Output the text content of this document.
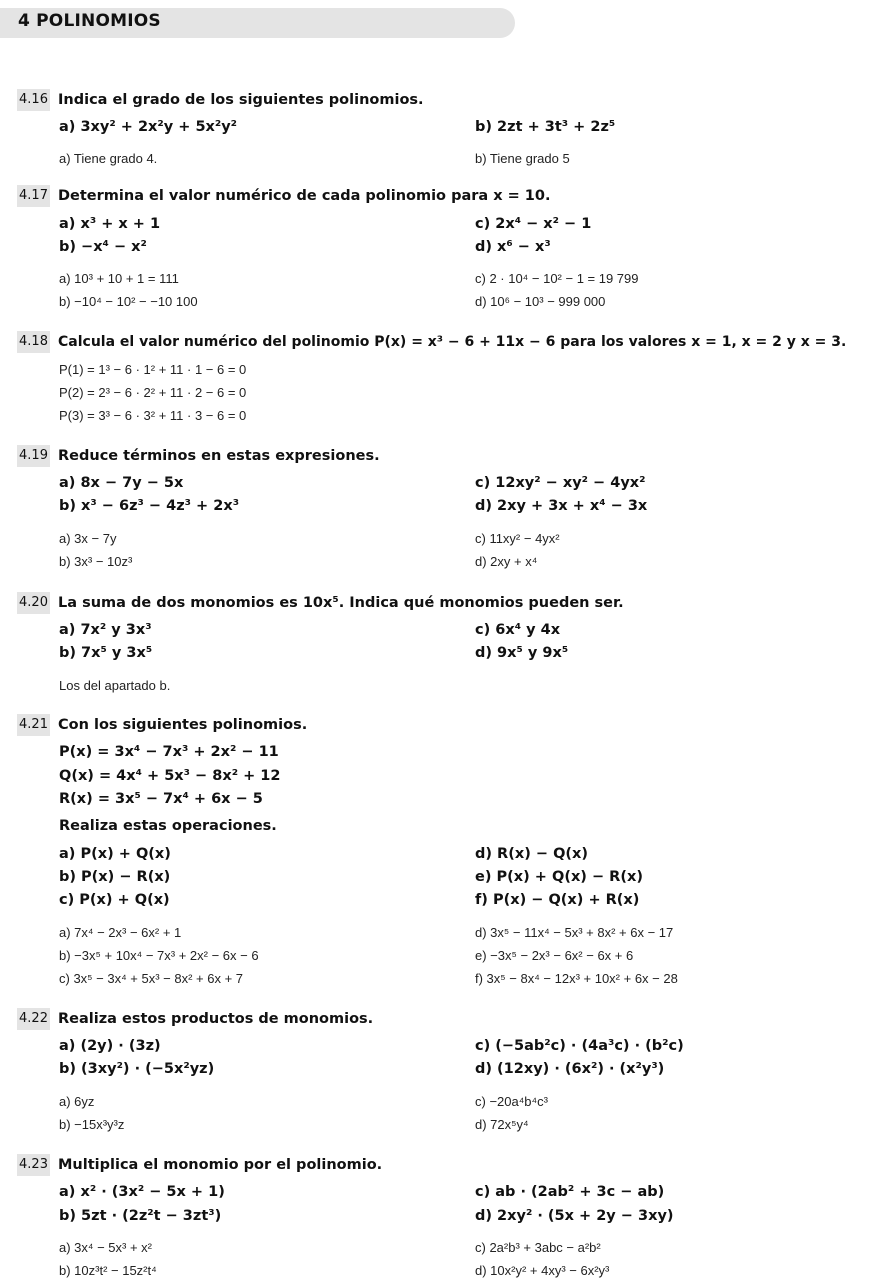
4 POLINOMIOS
4.16 Indica el grado de los siguientes polinomios.
a) 3xy² + 2x²y + 5x²y²	b) 2zt + 3t³ + 2z⁵
a) Tiene grado 4.	b) Tiene grado 5
4.17 Determina el valor numérico de cada polinomio para x = 10.
a) x³ + x + 1	c) 2x⁴ − x² − 1
b) −x⁴ − x²	d) x⁶ − x³
a) 10³ + 10 + 1 = 111	c) 2 · 10⁴ − 10² − 1 = 19 799
b) −10⁴ − 10² − −10 100	d) 10⁶ − 10³ − 999 000
4.18 Calcula el valor numérico del polinomio P(x) = x³ − 6 + 11x − 6 para los valores x = 1, x = 2 y x = 3.
P(1) = 1³ − 6 · 1² + 11 · 1 − 6 = 0
P(2) = 2³ − 6 · 2² + 11 · 2 − 6 = 0
P(3) = 3³ − 6 · 3² + 11 · 3 − 6 = 0
4.19 Reduce términos en estas expresiones.
a) 8x − 7y − 5x	c) 12xy² − xy² − 4yx²
b) x³ − 6z³ − 4z³ + 2x³	d) 2xy + 3x + x⁴ − 3x
a) 3x − 7y	c) 11xy² − 4yx²
b) 3x³ − 10z³	d) 2xy + x⁴
4.20 La suma de dos monomios es 10x⁵. Indica qué monomios pueden ser.
a) 7x² y 3x³	c) 6x⁴ y 4x
b) 7x⁵ y 3x⁵	d) 9x⁵ y 9x⁵
Los del apartado b.
4.21 Con los siguientes polinomios.
P(x) = 3x⁴ − 7x³ + 2x² − 11
Q(x) = 4x⁴ + 5x³ − 8x² + 12
R(x) = 3x⁵ − 7x⁴ + 6x − 5
Realiza estas operaciones.
a) P(x) + Q(x)	d) R(x) − Q(x)
b) P(x) − R(x)	e) P(x) + Q(x) − R(x)
c) P(x) + Q(x)	f) P(x) − Q(x) + R(x)
a) 7x⁴ − 2x³ − 6x² + 1	d) 3x⁵ − 11x⁴ − 5x³ + 8x² + 6x − 17
b) −3x⁵ + 10x⁴ − 7x³ + 2x² − 6x − 6	e) −3x⁵ − 2x³ − 6x² − 6x + 6
c) 3x⁵ − 3x⁴ + 5x³ − 8x² + 6x + 7	f) 3x⁵ − 8x⁴ − 12x³ + 10x² + 6x − 28
4.22 Realiza estos productos de monomios.
a) (2y) · (3z)	c) (−5ab²c) · (4a³c) · (b²c)
b) (3xy²) · (−5x²yz)	d) (12xy) · (6x²) · (x²y³)
a) 6yz	c) −20a⁴b⁴c³
b) −15x³y³z	d) 72x⁵y⁴
4.23 Multiplica el monomio por el polinomio.
a) x² · (3x² − 5x + 1)	c) ab · (2ab² + 3c − ab)
b) 5zt · (2z²t − 3zt³)	d) 2xy² · (5x + 2y − 3xy)
a) 3x⁴ − 5x³ + x²	c) 2a²b³ + 3abc − a²b²
b) 10z³t² − 15z²t⁴	d) 10x²y² + 4xy³ − 6x²y³
